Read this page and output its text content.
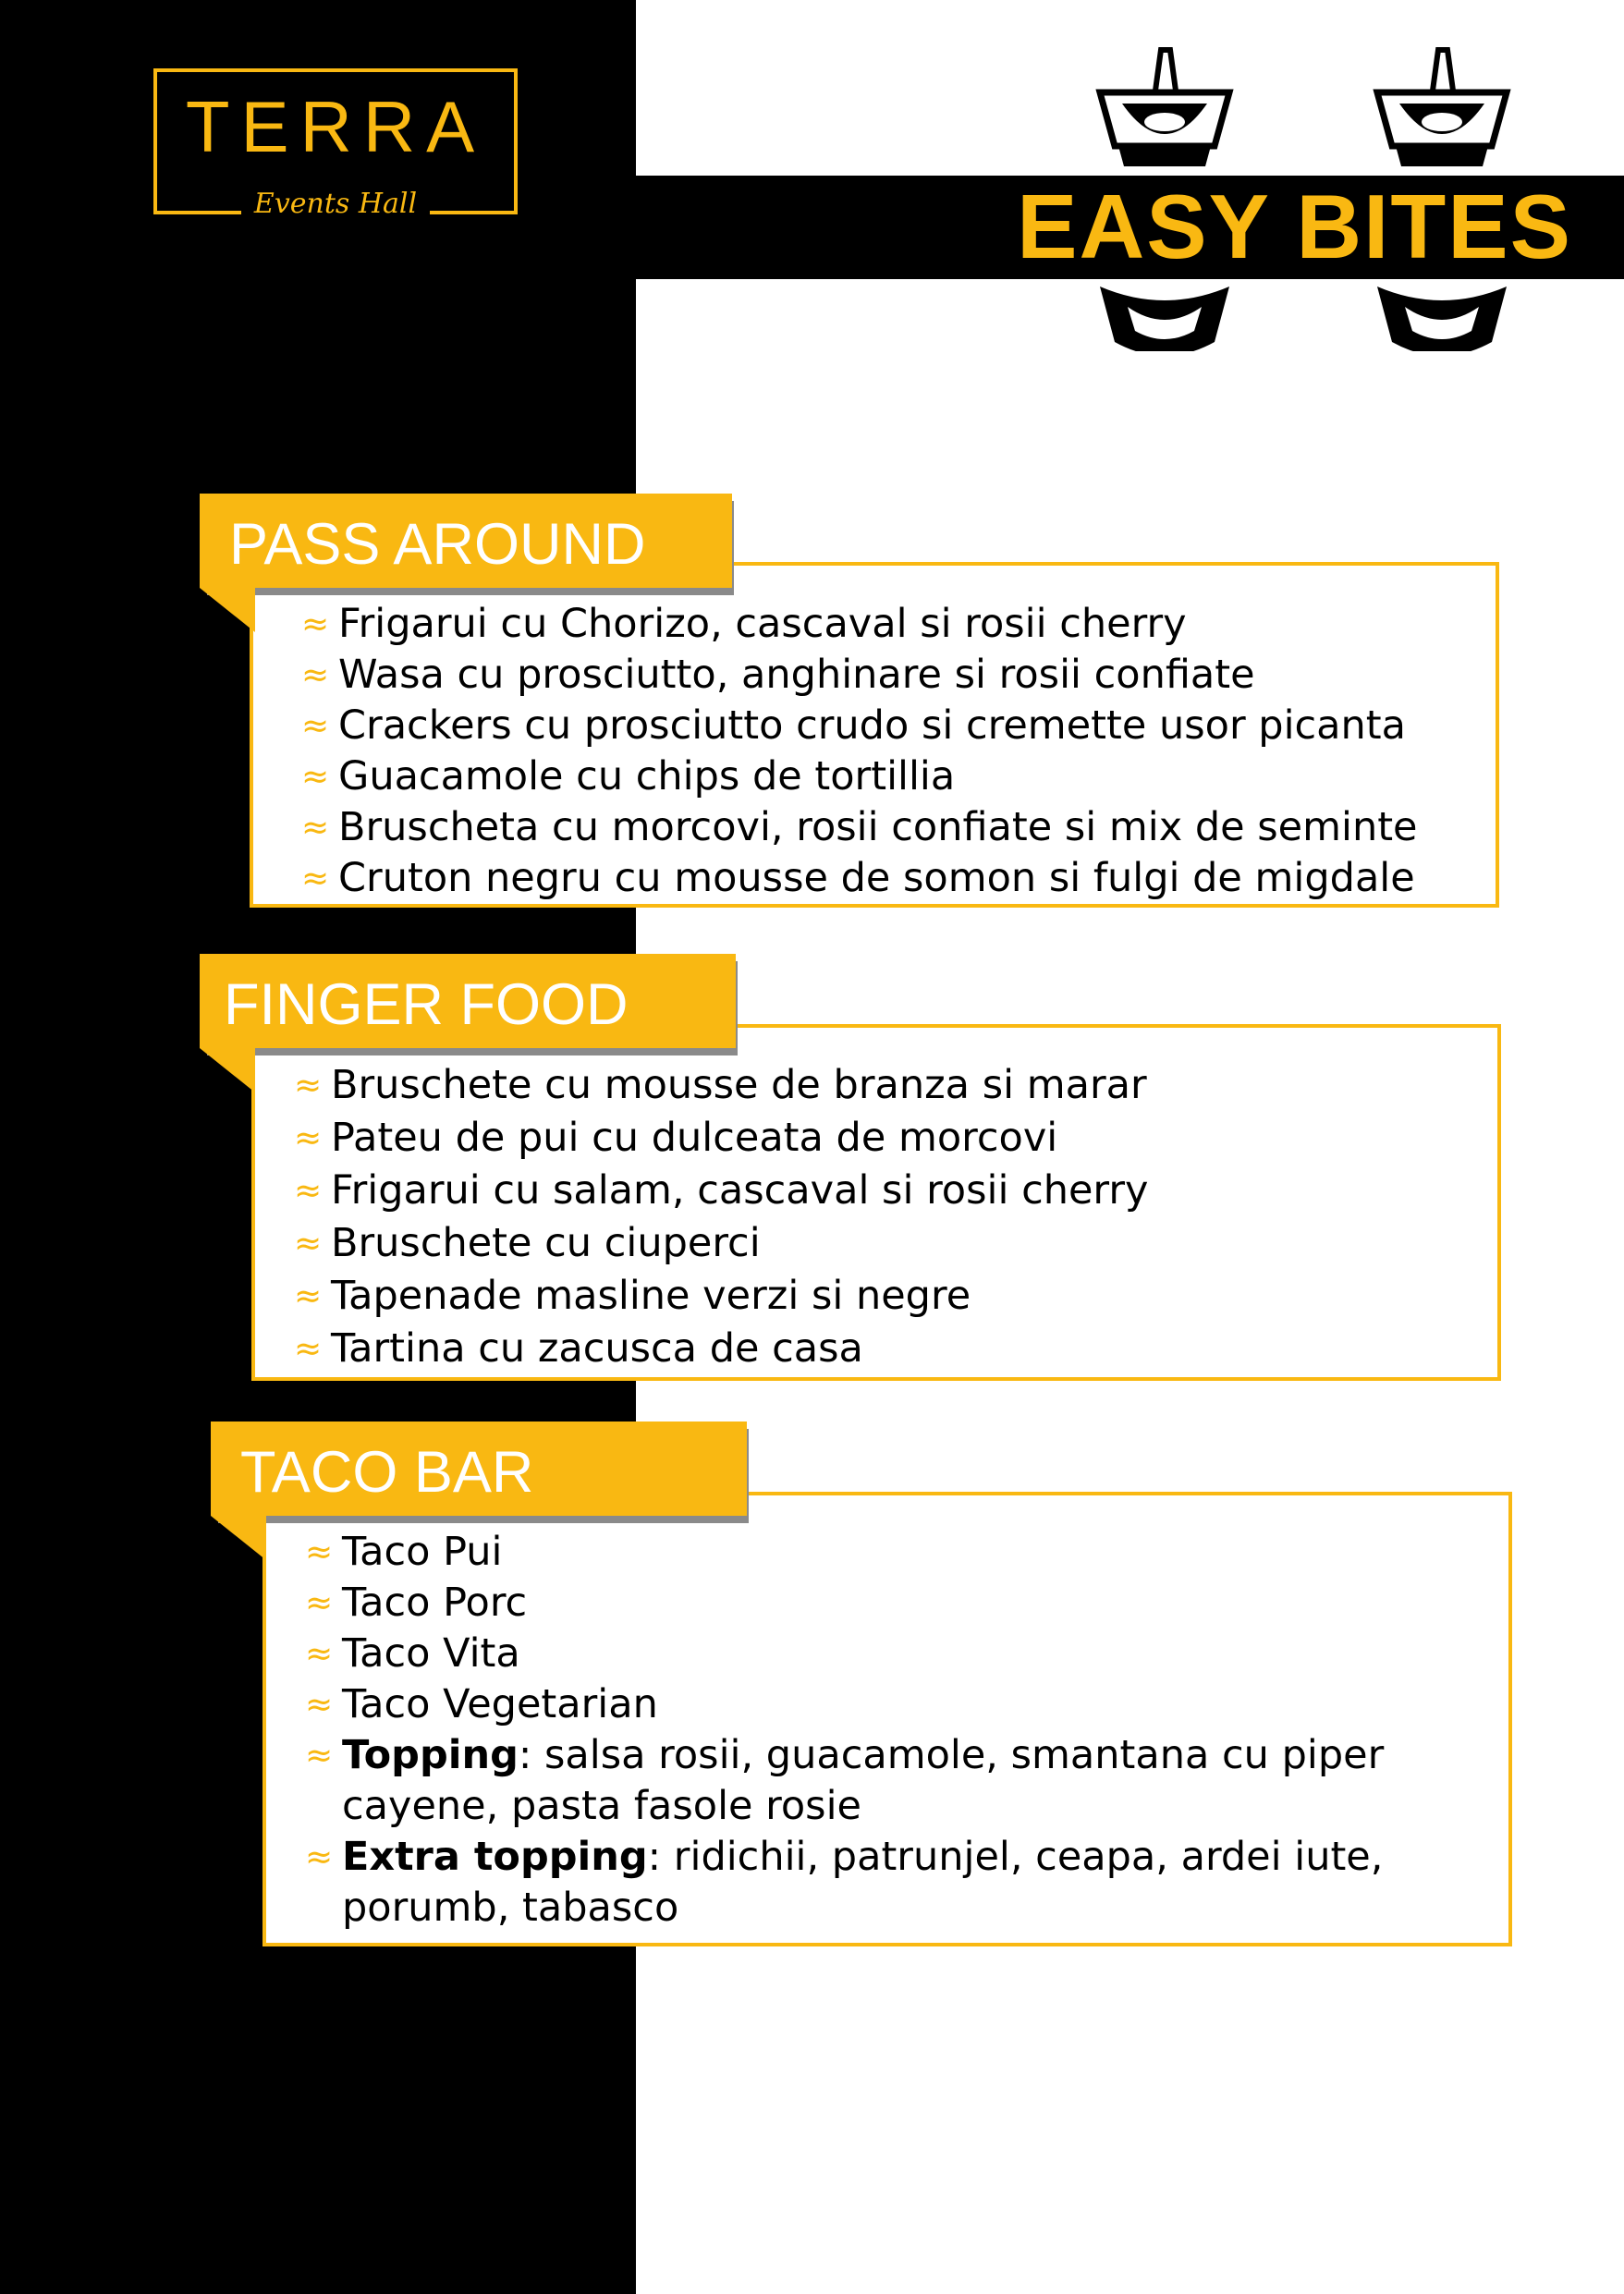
TERRA
Events Hall	EASY BITES
PASS AROUND
≈ Frigarui cu Chorizo, cascaval si rosii cherry
≈ Wasa cu prosciutto, anghinare si rosii confiate
≈ Crackers cu prosciutto crudo si cremette usor picanta
≈ Guacamole cu chips de tortillia
≈ Bruscheta cu morcovi, rosii confiate si mix de seminte
≈ Cruton negru cu mousse de somon si fulgi de migdale
FINGER FOOD
≈ Bruschete cu mousse de branza si marar
≈ Pateu de pui cu dulceata de morcovi
≈ Frigarui cu salam, cascaval si rosii cherry
≈ Bruschete cu ciuperci
≈ Tapenade masline verzi si negre
≈ Tartina cu zacusca de casa
TACO BAR
≈ Taco Pui
≈ Taco Porc
≈ Taco Vita
≈ Taco Vegetarian
≈ Topping: salsa rosii, guacamole, smantana cu piper cayene, pasta fasole rosie
≈ Extra topping: ridichii, patrunjel, ceapa, ardei iute, porumb, tabasco
